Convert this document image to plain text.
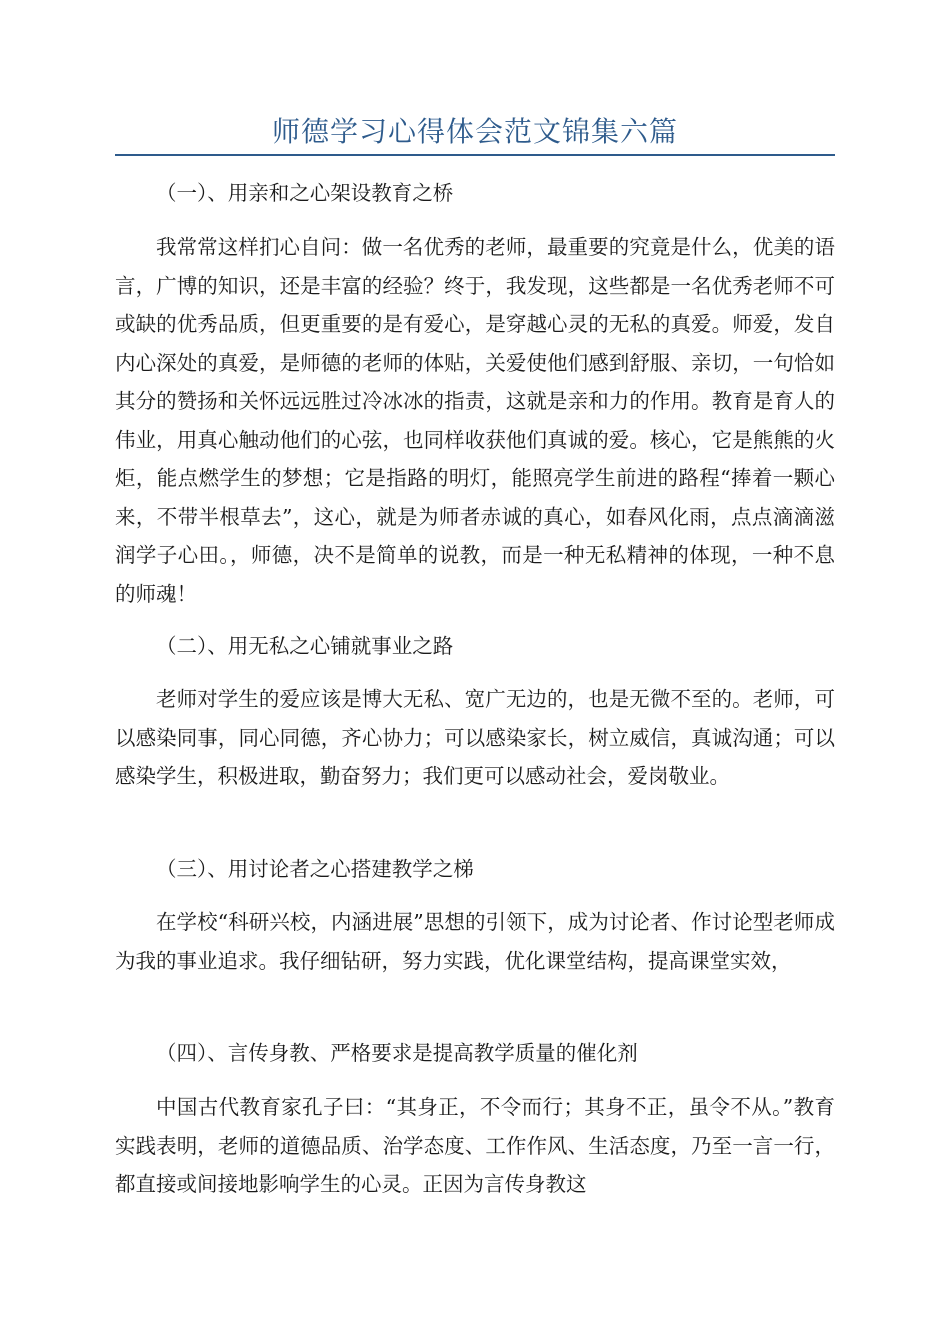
师德学习心得体会范文锦集六篇
（一）、用亲和之心架设教育之桥
我常常这样扪心自问：做一名优秀的老师，最重要的究竟是什么，优美的语言，广博的知识，还是丰富的经验？终于，我发现，这些都是一名优秀老师不可或缺的优秀品质，但更重要的是有爱心，是穿越心灵的无私的真爱。师爱，发自内心深处的真爱，是师德的老师的体贴，关爱使他们感到舒服、亲切，一句恰如其分的赞扬和关怀远远胜过冷冰冰的指责，这就是亲和力的作用。教育是育人的伟业，用真心触动他们的心弦，也同样收获他们真诚的爱。核心，它是熊熊的火炬，能点燃学生的梦想；它是指路的明灯，能照亮学生前进的路程“捧着一颗心来，不带半根草去”，这心，就是为师者赤诚的真心，如春风化雨，点点滴滴滋润学子心田。，师德，决不是简单的说教，而是一种无私精神的体现，一种不息的师魂！
（二）、用无私之心铺就事业之路
老师对学生的爱应该是博大无私、宽广无边的，也是无微不至的。老师，可以感染同事，同心同德，齐心协力；可以感染家长，树立威信，真诚沟通；可以感染学生，积极进取，勤奋努力；我们更可以感动社会，爱岗敬业。
（三）、用讨论者之心搭建教学之梯
在学校“科研兴校，内涵进展”思想的引领下，成为讨论者、作讨论型老师成为我的事业追求。我仔细钻研，努力实践，优化课堂结构，提高课堂实效，
（四）、言传身教、严格要求是提高教学质量的催化剂
中国古代教育家孔子曰：“其身正，不令而行；其身不正，虽令不从。”教育实践表明，老师的道德品质、治学态度、工作作风、生活态度，乃至一言一行，都直接或间接地影响学生的心灵。正因为言传身教这
